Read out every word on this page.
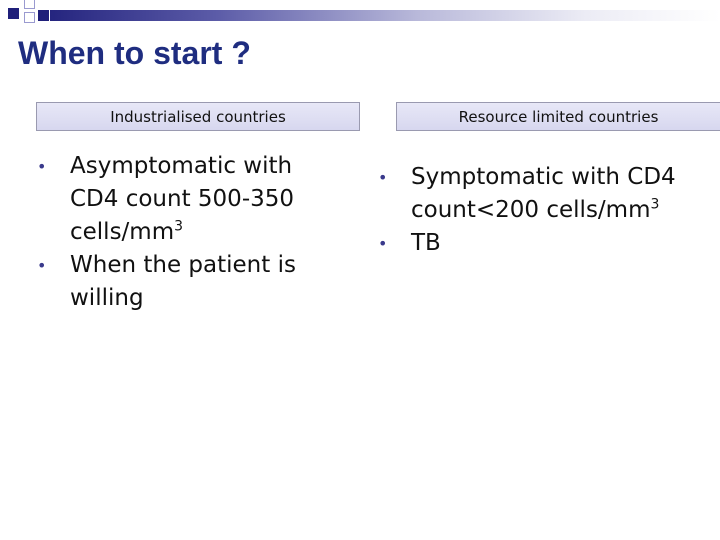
When to start ?
Industrialised countries	Resource limited countries
• Asymptomatic with CD4 count 500-350 cells/$mm^3$
• When the patient is willing
• Symptomatic with CD4 count<200 cells/$mm^3$
• TB
